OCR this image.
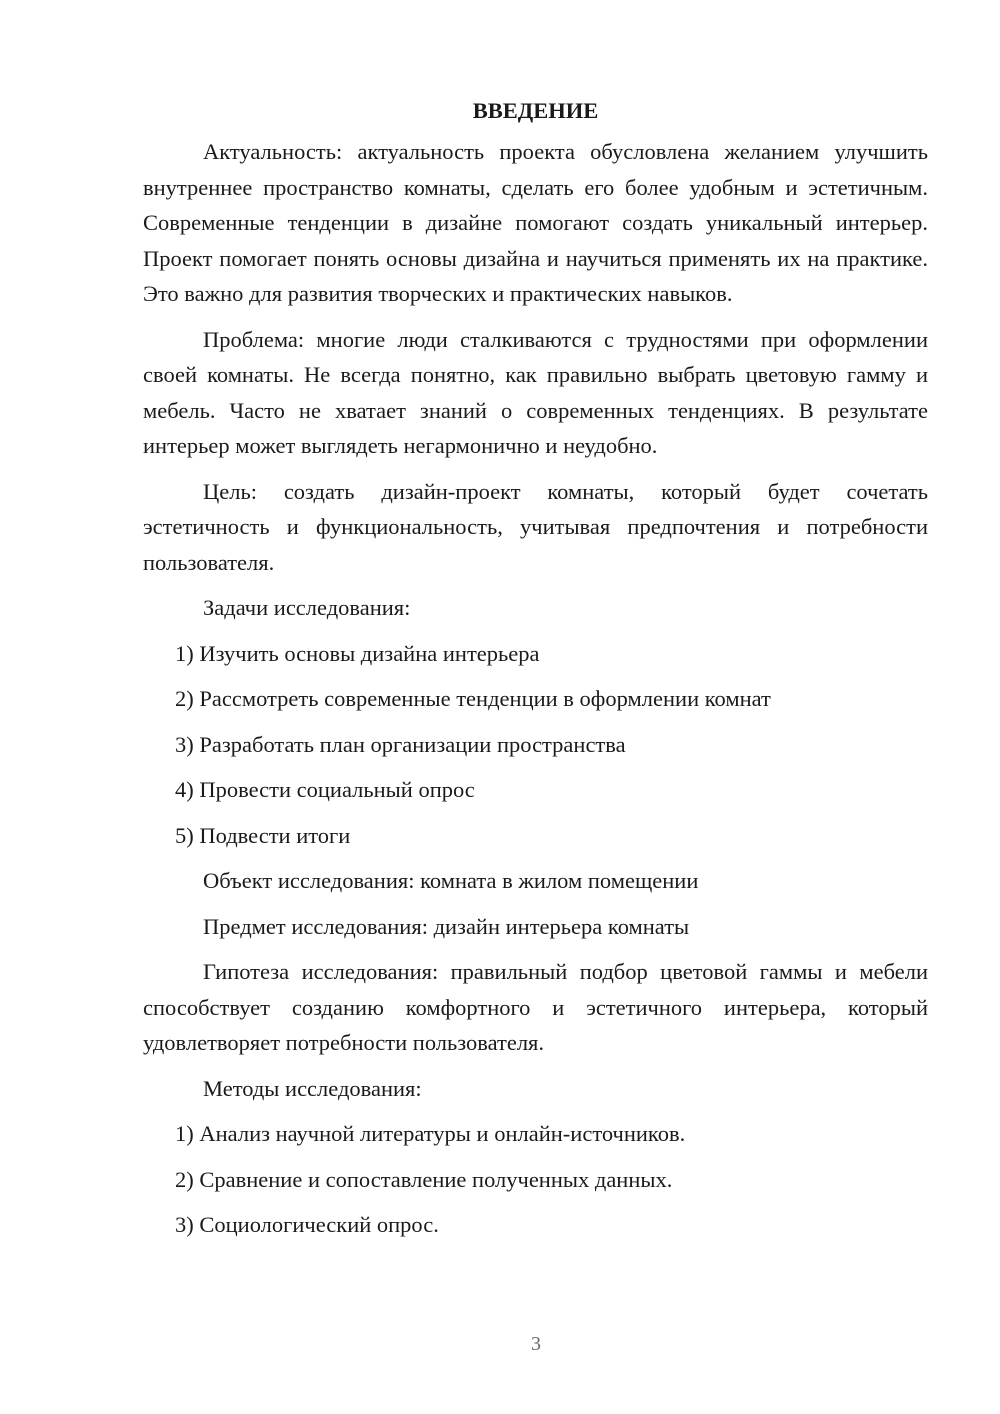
ВВЕДЕНИЕ

Актуальность: актуальность проекта обусловлена желанием улучшить внутреннее пространство комнаты, сделать его более удобным и эстетичным. Современные тенденции в дизайне помогают создать уникальный интерьер. Проект помогает понять основы дизайна и научиться применять их на практике. Это важно для развития творческих и практических навыков.

Проблема: многие люди сталкиваются с трудностями при оформлении своей комнаты. Не всегда понятно, как правильно выбрать цветовую гамму и мебель. Часто не хватает знаний о современных тенденциях. В результате интерьер может выглядеть негармонично и неудобно.

Цель: создать дизайн-проект комнаты, который будет сочетать эстетичность и функциональность, учитывая предпочтения и потребности пользователя.

Задачи исследования:

1) Изучить основы дизайна интерьера

2) Рассмотреть современные тенденции в оформлении комнат

3) Разработать план организации пространства

4) Провести социальный опрос

5) Подвести итоги

Объект исследования: комната в жилом помещении

Предмет исследования: дизайн интерьера комнаты

Гипотеза исследования: правильный подбор цветовой гаммы и мебели способствует созданию комфортного и эстетичного интерьера, который удовлетворяет потребности пользователя.

Методы исследования:

1) Анализ научной литературы и онлайн-источников.

2) Сравнение и сопоставление полученных данных.

3) Социологический опрос.

3
